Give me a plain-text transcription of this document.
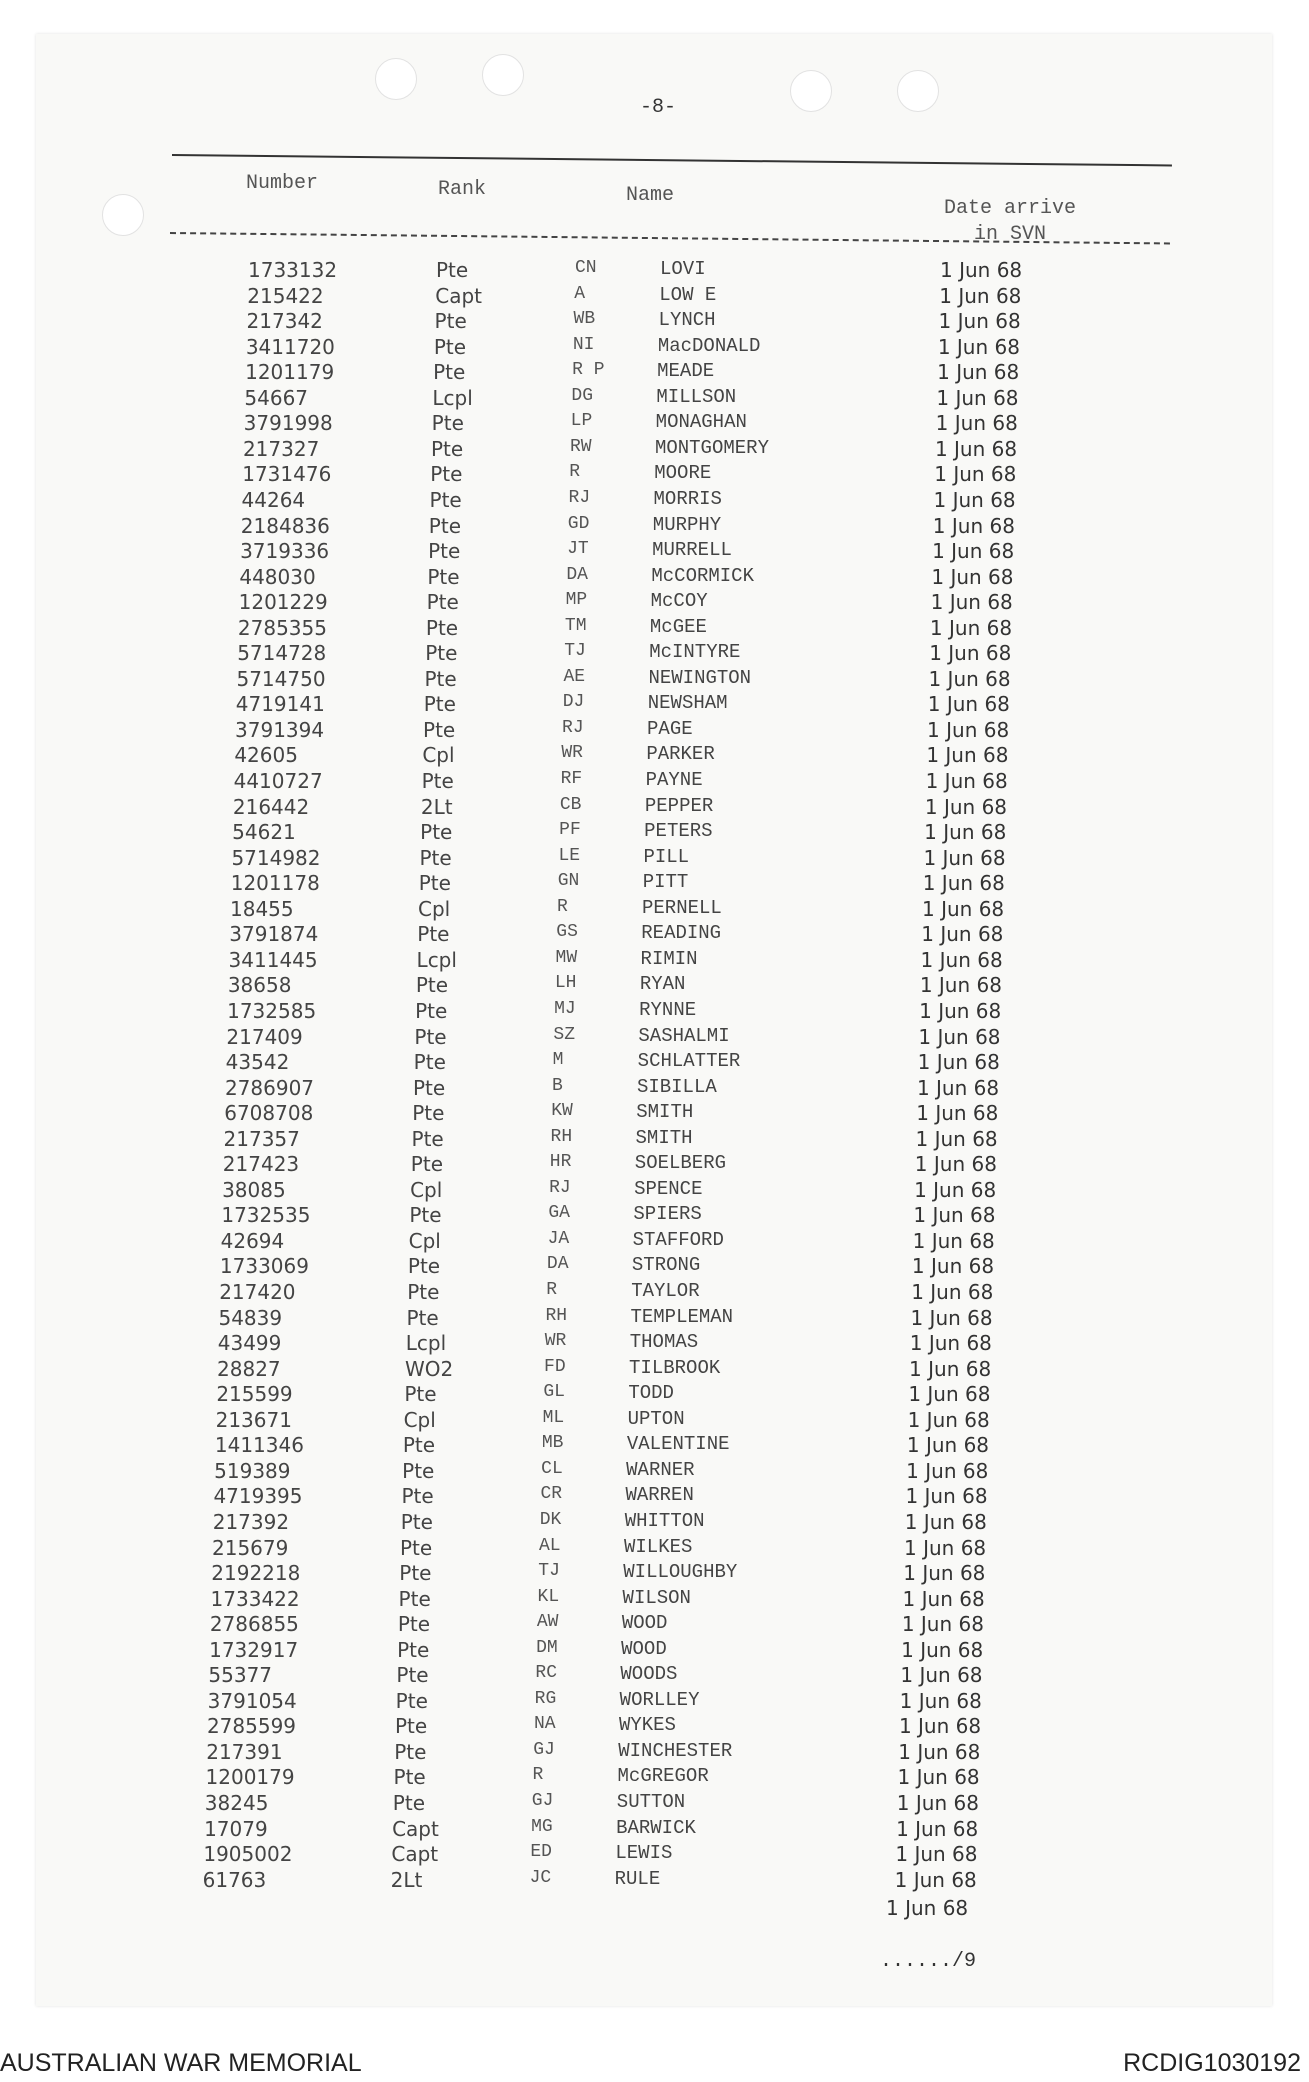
-8-
Number	Rank	Name
Date arrive
in SVN
1733132	Pte	CN	LOVI	1 Jun 68
215422	Capt	A	LOW E	1 Jun 68
217342	Pte	WB	LYNCH	1 Jun 68
3411720	Pte	NI	MacDONALD	1 Jun 68
1201179	Pte	R P	MEADE	1 Jun 68
54667	Lcpl	DG	MILLSON	1 Jun 68
3791998	Pte	LP	MONAGHAN	1 Jun 68
217327	Pte	RW	MONTGOMERY	1 Jun 68
1731476	Pte	R	MOORE	1 Jun 68
44264	Pte	RJ	MORRIS	1 Jun 68
2184836	Pte	GD	MURPHY	1 Jun 68
3719336	Pte	JT	MURRELL	1 Jun 68
448030	Pte	DA	McCORMICK	1 Jun 68
1201229	Pte	MP	McCOY	1 Jun 68
2785355	Pte	TM	McGEE	1 Jun 68
5714728	Pte	TJ	McINTYRE	1 Jun 68
5714750	Pte	AE	NEWINGTON	1 Jun 68
4719141	Pte	DJ	NEWSHAM	1 Jun 68
3791394	Pte	RJ	PAGE	1 Jun 68
42605	Cpl	WR	PARKER	1 Jun 68
4410727	Pte	RF	PAYNE	1 Jun 68
216442	2Lt	CB	PEPPER	1 Jun 68
54621	Pte	PF	PETERS	1 Jun 68
5714982	Pte	LE	PILL	1 Jun 68
1201178	Pte	GN	PITT	1 Jun 68
18455	Cpl	R	PERNELL	1 Jun 68
3791874	Pte	GS	READING	1 Jun 68
3411445	Lcpl	MW	RIMIN	1 Jun 68
38658	Pte	LH	RYAN	1 Jun 68
1732585	Pte	MJ	RYNNE	1 Jun 68
217409	Pte	SZ	SASHALMI	1 Jun 68
43542	Pte	M	SCHLATTER	1 Jun 68
2786907	Pte	B	SIBILLA	1 Jun 68
6708708	Pte	KW	SMITH	1 Jun 68
217357	Pte	RH	SMITH	1 Jun 68
217423	Pte	HR	SOELBERG	1 Jun 68
38085	Cpl	RJ	SPENCE	1 Jun 68
1732535	Pte	GA	SPIERS	1 Jun 68
42694	Cpl	JA	STAFFORD	1 Jun 68
1733069	Pte	DA	STRONG	1 Jun 68
217420	Pte	R	TAYLOR	1 Jun 68
54839	Pte	RH	TEMPLEMAN	1 Jun 68
43499	Lcpl	WR	THOMAS	1 Jun 68
28827	WO2	FD	TILBROOK	1 Jun 68
215599	Pte	GL	TODD	1 Jun 68
213671	Cpl	ML	UPTON	1 Jun 68
1411346	Pte	MB	VALENTINE	1 Jun 68
519389	Pte	CL	WARNER	1 Jun 68
4719395	Pte	CR	WARREN	1 Jun 68
217392	Pte	DK	WHITTON	1 Jun 68
215679	Pte	AL	WILKES	1 Jun 68
2192218	Pte	TJ	WILLOUGHBY	1 Jun 68
1733422	Pte	KL	WILSON	1 Jun 68
2786855	Pte	AW	WOOD	1 Jun 68
1732917	Pte	DM	WOOD	1 Jun 68
55377	Pte	RC	WOODS	1 Jun 68
3791054	Pte	RG	WORLLEY	1 Jun 68
2785599	Pte	NA	WYKES	1 Jun 68
217391	Pte	GJ	WINCHESTER	1 Jun 68
1200179	Pte	R	McGREGOR	1 Jun 68
38245	Pte	GJ	SUTTON	1 Jun 68
17079	Capt	MG	BARWICK	1 Jun 68
1905002	Capt	ED	LEWIS	1 Jun 68
61763	2Lt	JC	RULE	1 Jun 68
1 Jun 68
....../9
AUSTRALIAN WAR MEMORIAL	RCDIG1030192
